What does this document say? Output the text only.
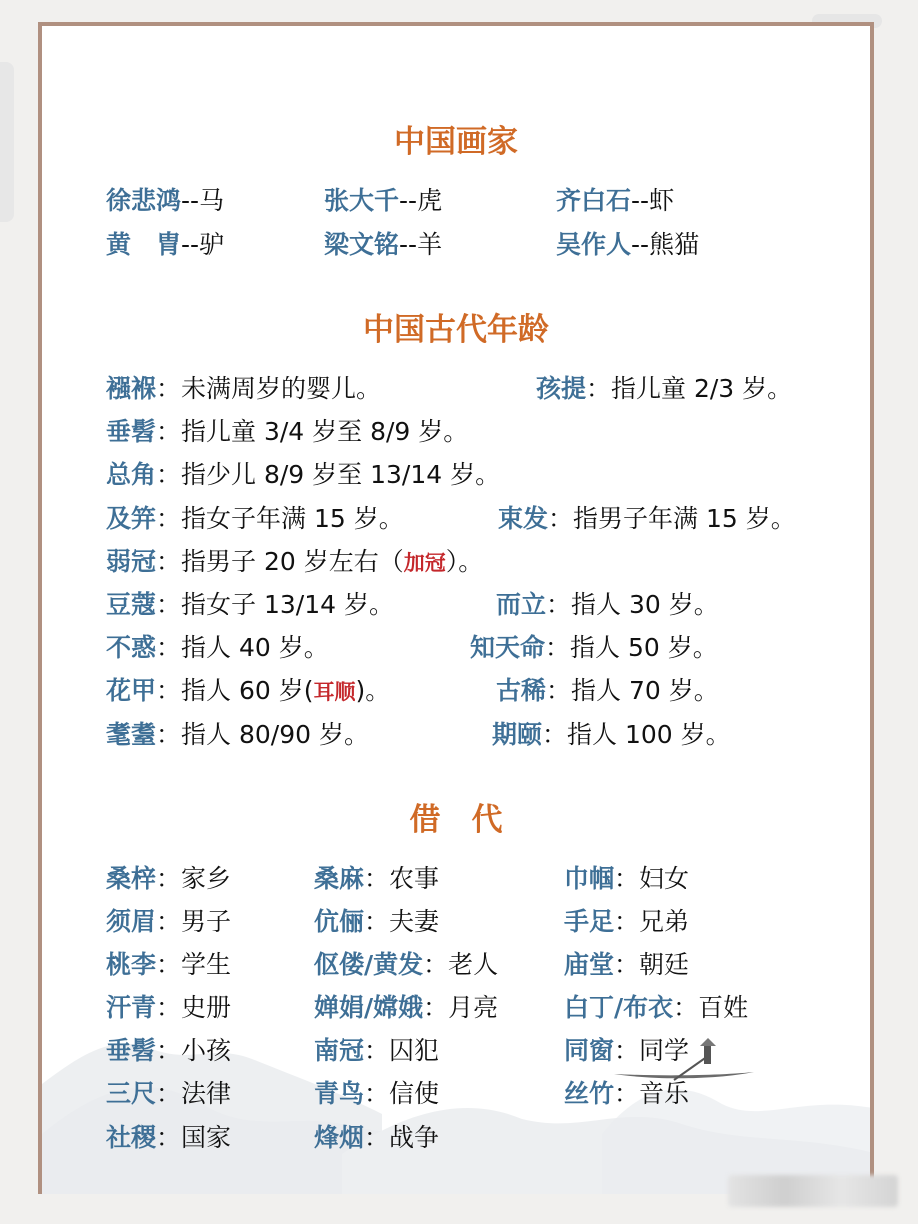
中国画家
徐悲鸿--马	张大千--虎	齐白石--虾
黄　胄--驴	梁文铭--羊	吴作人--熊猫
中国古代年龄
襁褓：未满周岁的婴儿。	孩提：指儿童 2/3 岁。
垂髫：指儿童 3/4 岁至 8/9 岁。
总角：指少儿 8/9 岁至 13/14 岁。
及笄：指女子年满 15 岁。	束发：指男子年满 15 岁。
弱冠：指男子 20 岁左右（加冠）。
豆蔻：指女子 13/14 岁。	而立：指人 30 岁。
不惑：指人 40 岁。	知天命：指人 50 岁。
花甲：指人 60 岁(耳顺)。	古稀：指人 70 岁。
耄耋：指人 80/90 岁。	期颐：指人 100 岁。
借　代
桑梓：家乡	桑麻：农事	巾帼：妇女
须眉：男子	伉俪：夫妻	手足：兄弟
桃李：学生	伛偻/黄发：老人	庙堂：朝廷
汗青：史册	婵娟/嫦娥：月亮	白丁/布衣：百姓
垂髫：小孩	南冠：囚犯	同窗：同学
三尺：法律	青鸟：信使	丝竹：音乐
社稷：国家	烽烟：战争
